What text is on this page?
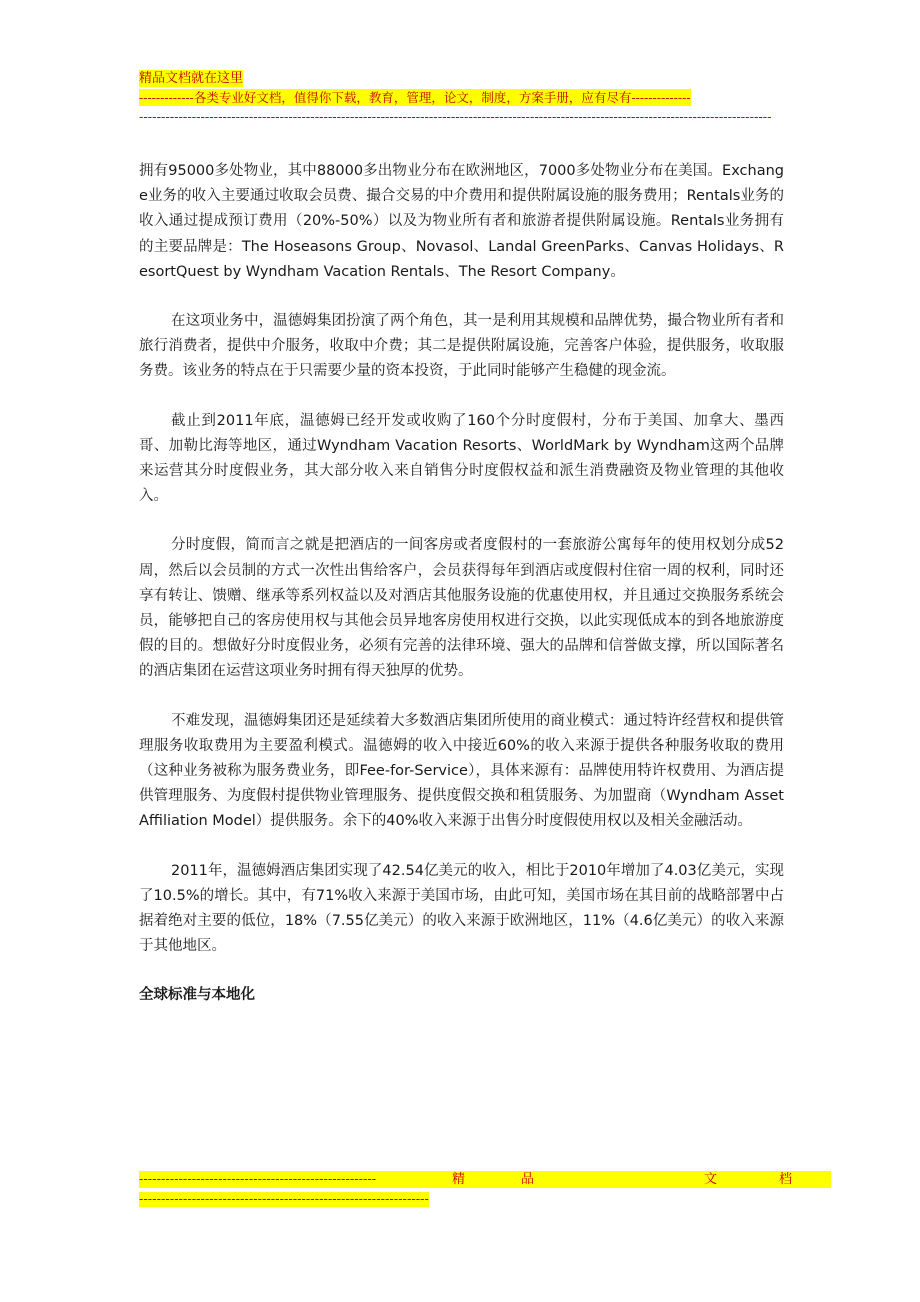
精品文档就在这里
-------------各类专业好文档，值得你下载，教育，管理，论文，制度，方案手册，应有尽有--------------
------------------------------------------------------------------------------------------------------------------------------------------------

拥有95000多处物业，其中88000多出物业分布在欧洲地区，7000多处物业分布在美国。Exchange业务的收入主要通过收取会员费、撮合交易的中介费用和提供附属设施的服务费用；Rentals业务的收入通过提成预订费用（20%-50%）以及为物业所有者和旅游者提供附属设施。Rentals业务拥有的主要品牌是：The Hoseasons Group、Novasol、Landal GreenParks、Canvas Holidays、ResortQuest by Wyndham Vacation Rentals、The Resort Company。

在这项业务中，温德姆集团扮演了两个角色，其一是利用其规模和品牌优势，撮合物业所有者和旅行消费者，提供中介服务，收取中介费；其二是提供附属设施，完善客户体验，提供服务，收取服务费。该业务的特点在于只需要少量的资本投资，于此同时能够产生稳健的现金流。

截止到2011年底，温德姆已经开发或收购了160个分时度假村，分布于美国、加拿大、墨西哥、加勒比海等地区，通过Wyndham Vacation Resorts、WorldMark by Wyndham这两个品牌来运营其分时度假业务，其大部分收入来自销售分时度假权益和派生消费融资及物业管理的其他收入。

分时度假，简而言之就是把酒店的一间客房或者度假村的一套旅游公寓每年的使用权划分成52周，然后以会员制的方式一次性出售给客户，会员获得每年到酒店或度假村住宿一周的权利，同时还享有转让、馈赠、继承等系列权益以及对酒店其他服务设施的优惠使用权，并且通过交换服务系统会员，能够把自己的客房使用权与其他会员异地客房使用权进行交换，以此实现低成本的到各地旅游度假的目的。想做好分时度假业务，必须有完善的法律环境、强大的品牌和信誉做支撑，所以国际著名的酒店集团在运营这项业务时拥有得天独厚的优势。

不难发现，温德姆集团还是延续着大多数酒店集团所使用的商业模式：通过特许经营权和提供管理服务收取费用为主要盈利模式。温德姆的收入中接近60%的收入来源于提供各种服务收取的费用（这种业务被称为服务费业务，即Fee-for-Service），具体来源有：品牌使用特许权费用、为酒店提供管理服务、为度假村提供物业管理服务、提供度假交换和租赁服务、为加盟商（Wyndham Asset Affiliation Model）提供服务。余下的40%收入来源于出售分时度假使用权以及相关金融活动。

2011年，温德姆酒店集团实现了42.54亿美元的收入，相比于2010年增加了4.03亿美元，实现了10.5%的增长。其中，有71%收入来源于美国市场，由此可知，美国市场在其目前的战略部署中占据着绝对主要的低位，18%（7.55亿美元）的收入来源于欧洲地区，11%（4.6亿美元）的收入来源于其他地区。

全球标准与本地化
------------------------------------------------------	精	品	文	档
------------------------------------------------------------------
